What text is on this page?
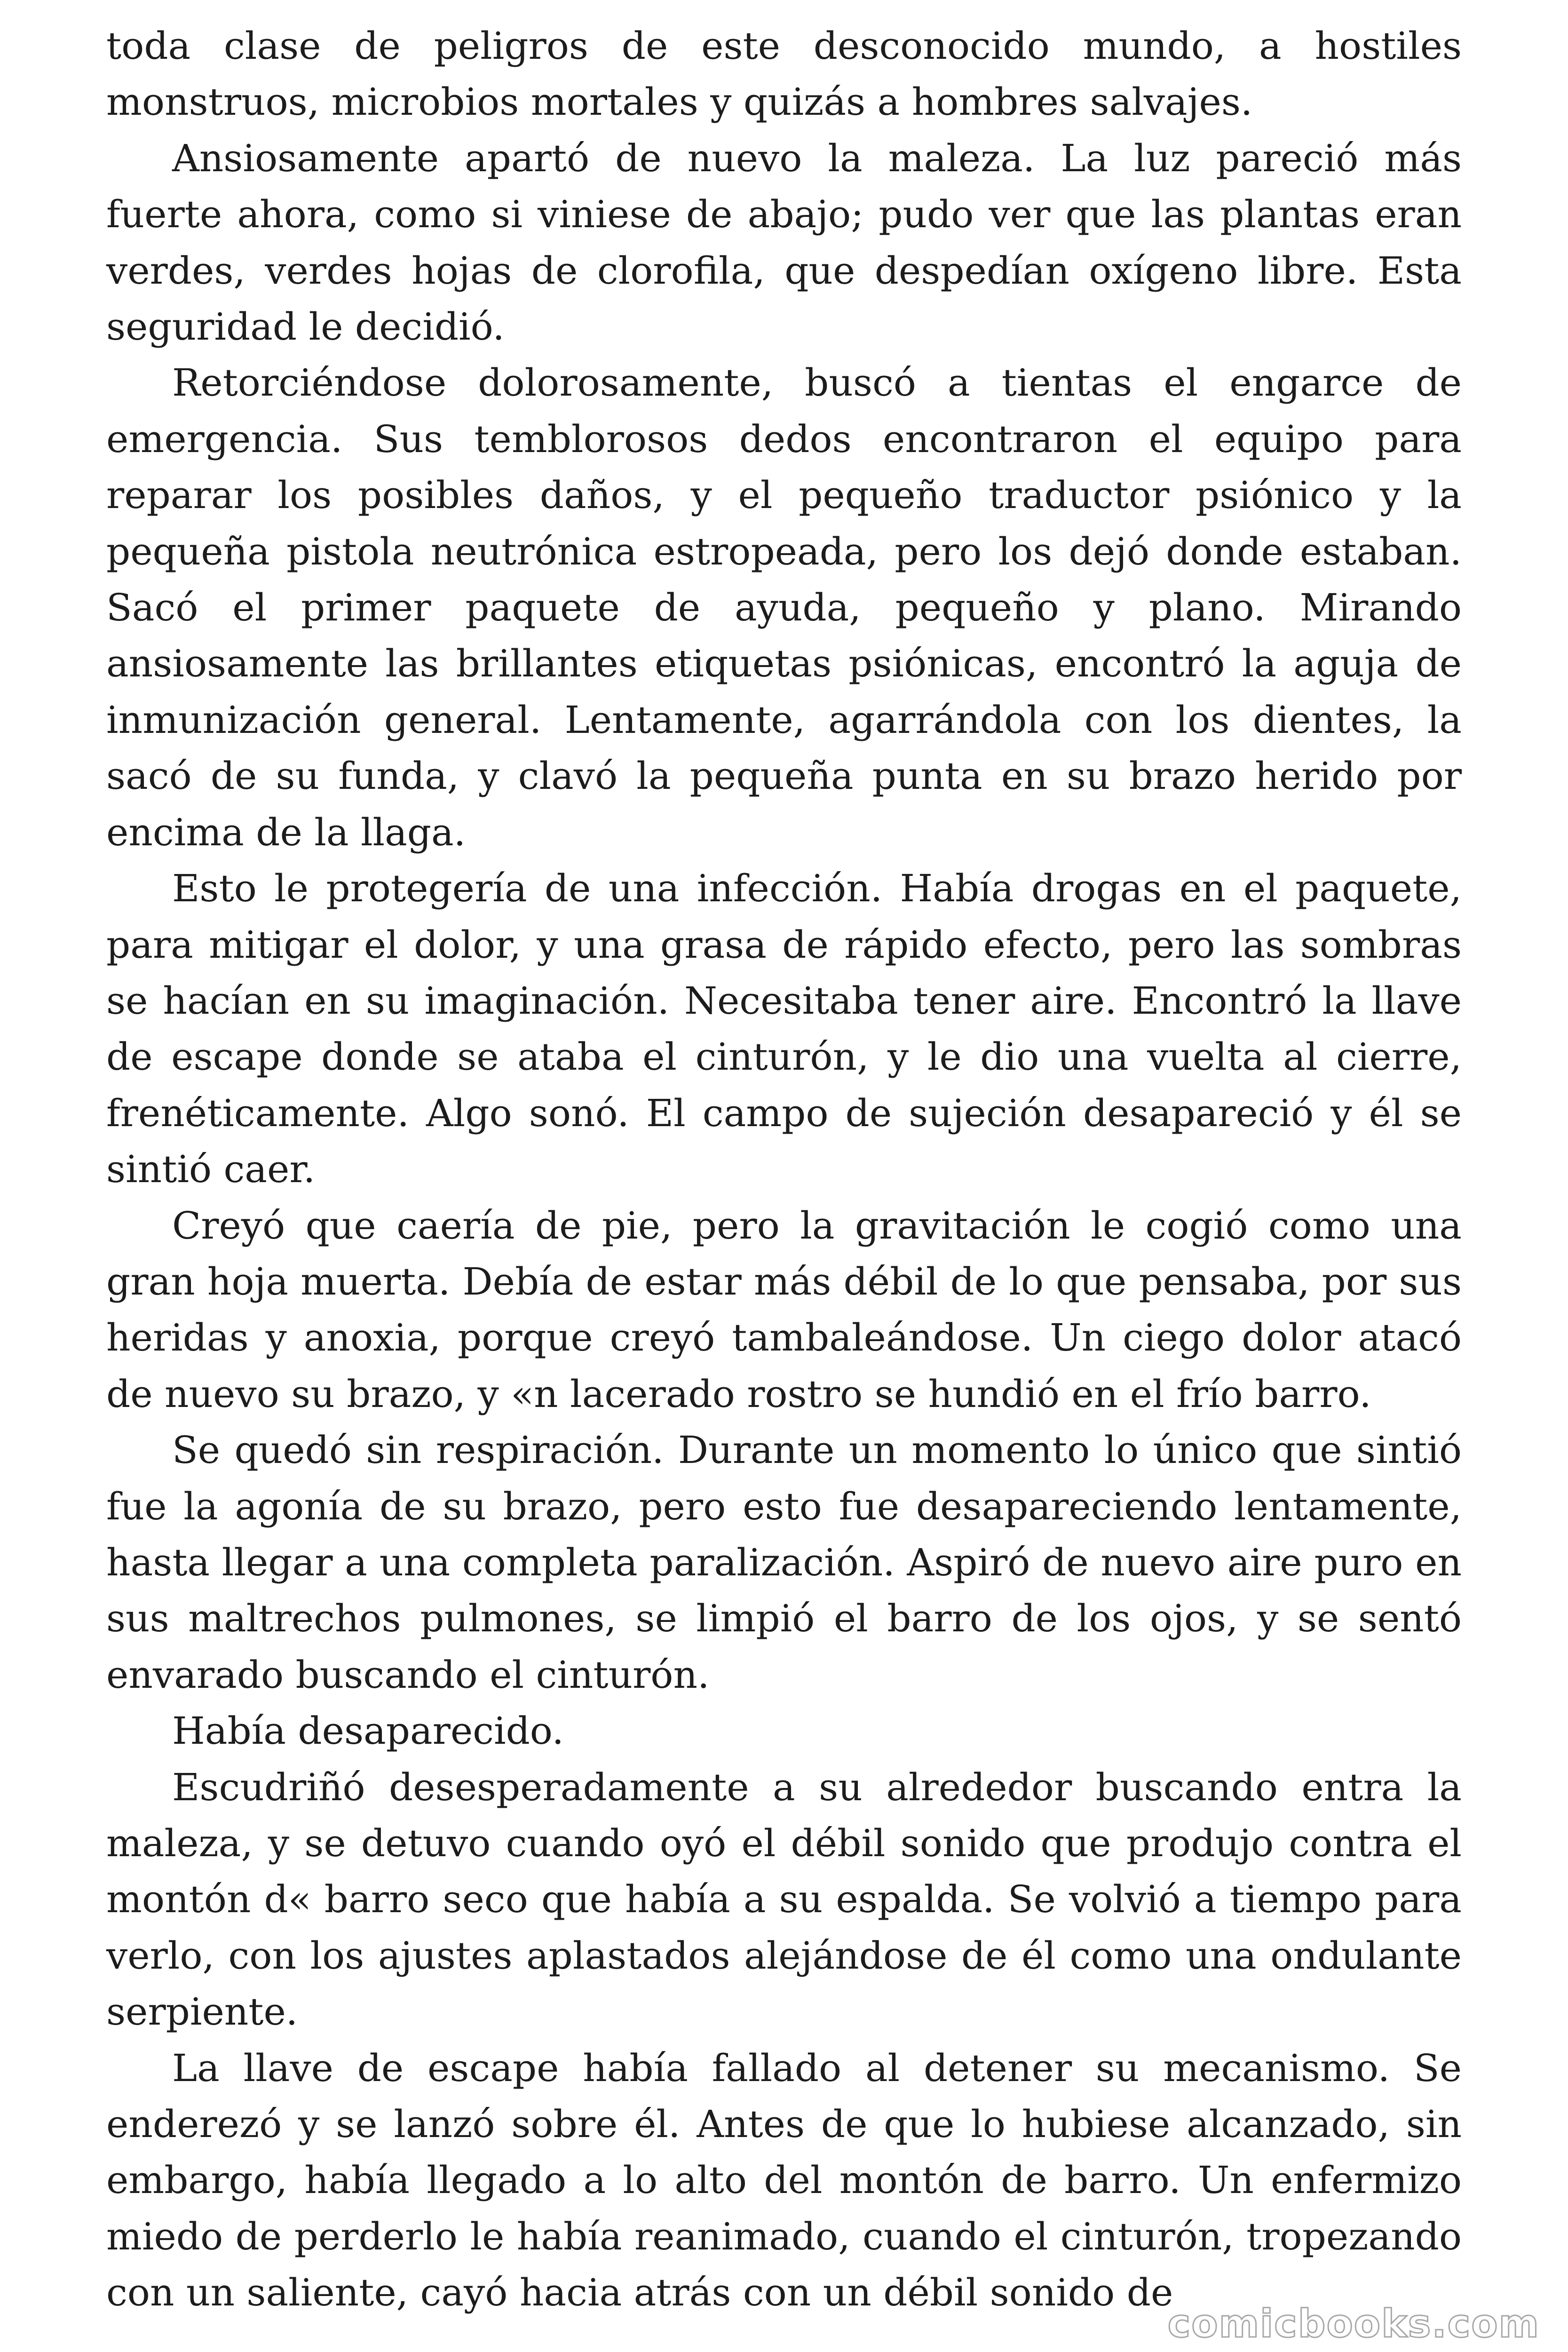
toda clase de peligros de este desconocido mundo, a hostiles monstruos, microbios mortales y quizás a hombres salvajes.

Ansiosamente apartó de nuevo la maleza. La luz pareció más fuerte ahora, como si viniese de abajo; pudo ver que las plantas eran verdes, verdes hojas de clorofila, que despedían oxígeno libre. Esta seguridad le decidió.

Retorciéndose dolorosamente, buscó a tientas el engarce de emergencia. Sus temblorosos dedos encontraron el equipo para reparar los posibles daños, y el pequeño traductor psiónico y la pequeña pistola neutrónica estropeada, pero los dejó donde estaban. Sacó el primer paquete de ayuda, pequeño y plano. Mirando ansiosamente las brillantes etiquetas psiónicas, encontró la aguja de inmunización general. Lentamente, agarrándola con los dientes, la sacó de su funda, y clavó la pequeña punta en su brazo herido por encima de la llaga.

Esto le protegería de una infección. Había drogas en el paquete, para mitigar el dolor, y una grasa de rápido efecto, pero las sombras se hacían en su imaginación. Necesitaba tener aire. Encontró la llave de escape donde se ataba el cinturón, y le dio una vuelta al cierre, frenéticamente. Algo sonó. El campo de sujeción desapareció y él se sintió caer.

Creyó que caería de pie, pero la gravitación le cogió como una gran hoja muerta. Debía de estar más débil de lo que pensaba, por sus heridas y anoxia, porque creyó tambaleándose. Un ciego dolor atacó de nuevo su brazo, y «n lacerado rostro se hundió en el frío barro.

Se quedó sin respiración. Durante un momento lo único que sintió fue la agonía de su brazo, pero esto fue desapareciendo lentamente, hasta llegar a una completa paralización. Aspiró de nuevo aire puro en sus maltrechos pulmones, se limpió el barro de los ojos, y se sentó envarado buscando el cinturón.

Había desaparecido.

Escudriñó desesperadamente a su alrededor buscando entra la maleza, y se detuvo cuando oyó el débil sonido que produjo contra el montón d« barro seco que había a su espalda. Se volvió a tiempo para verlo, con los ajustes aplastados alejándose de él como una ondulante serpiente.

La llave de escape había fallado al detener su mecanismo. Se enderezó y se lanzó sobre él. Antes de que lo hubiese alcanzado, sin embargo, había llegado a lo alto del montón de barro. Un enfermizo miedo de perderlo le había reanimado, cuando el cinturón, tropezando con un saliente, cayó hacia atrás con un débil sonido de

comicbooks.com
